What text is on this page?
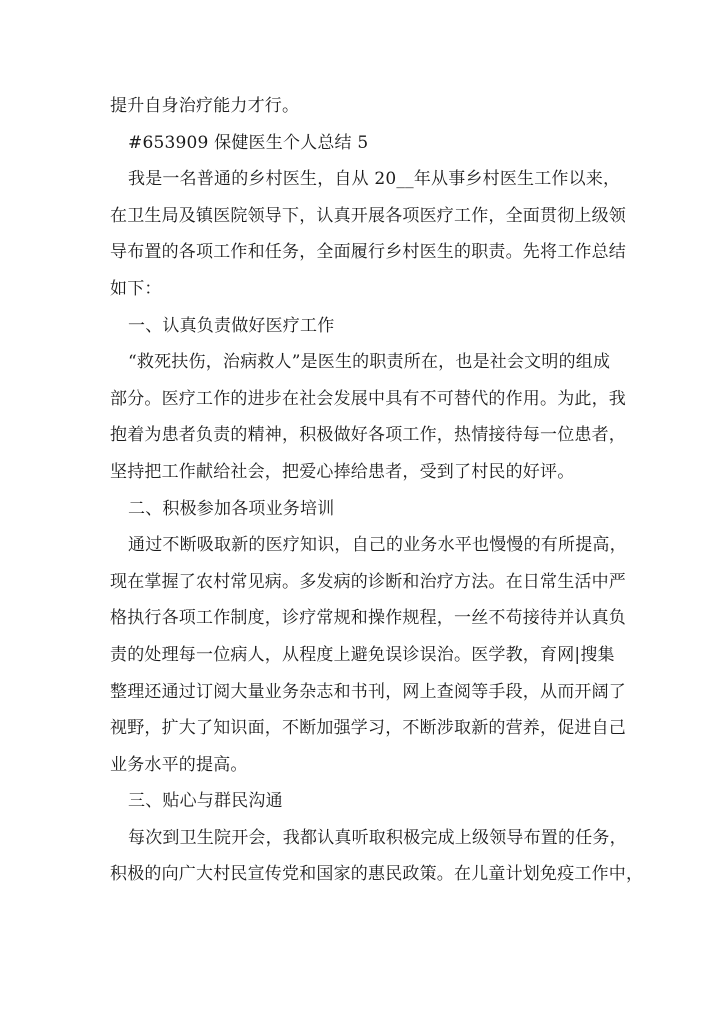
提升自身治疗能力才行。
#653909 保健医生个人总结 5
我是一名普通的乡村医生，自从 20__年从事乡村医生工作以来，
在卫生局及镇医院领导下，认真开展各项医疗工作，全面贯彻上级领
导布置的各项工作和任务，全面履行乡村医生的职责。先将工作总结
如下：
一、认真负责做好医疗工作
“救死扶伤，治病救人”是医生的职责所在，也是社会文明的组成
部分。医疗工作的进步在社会发展中具有不可替代的作用。为此，我
抱着为患者负责的精神，积极做好各项工作，热情接待每一位患者，
坚持把工作献给社会，把爱心捧给患者，受到了村民的好评。
二、积极参加各项业务培训
通过不断吸取新的医疗知识，自己的业务水平也慢慢的有所提高，
现在掌握了农村常见病。多发病的诊断和治疗方法。在日常生活中严
格执行各项工作制度，诊疗常规和操作规程，一丝不苟接待并认真负
责的处理每一位病人，从程度上避免误诊误治。医学教，育网|搜集
整理还通过订阅大量业务杂志和书刊，网上查阅等手段，从而开阔了
视野，扩大了知识面，不断加强学习，不断涉取新的营养，促进自己
业务水平的提高。
三、贴心与群民沟通
每次到卫生院开会，我都认真听取积极完成上级领导布置的任务，
积极的向广大村民宣传党和国家的惠民政策。在儿童计划免疫工作中，
